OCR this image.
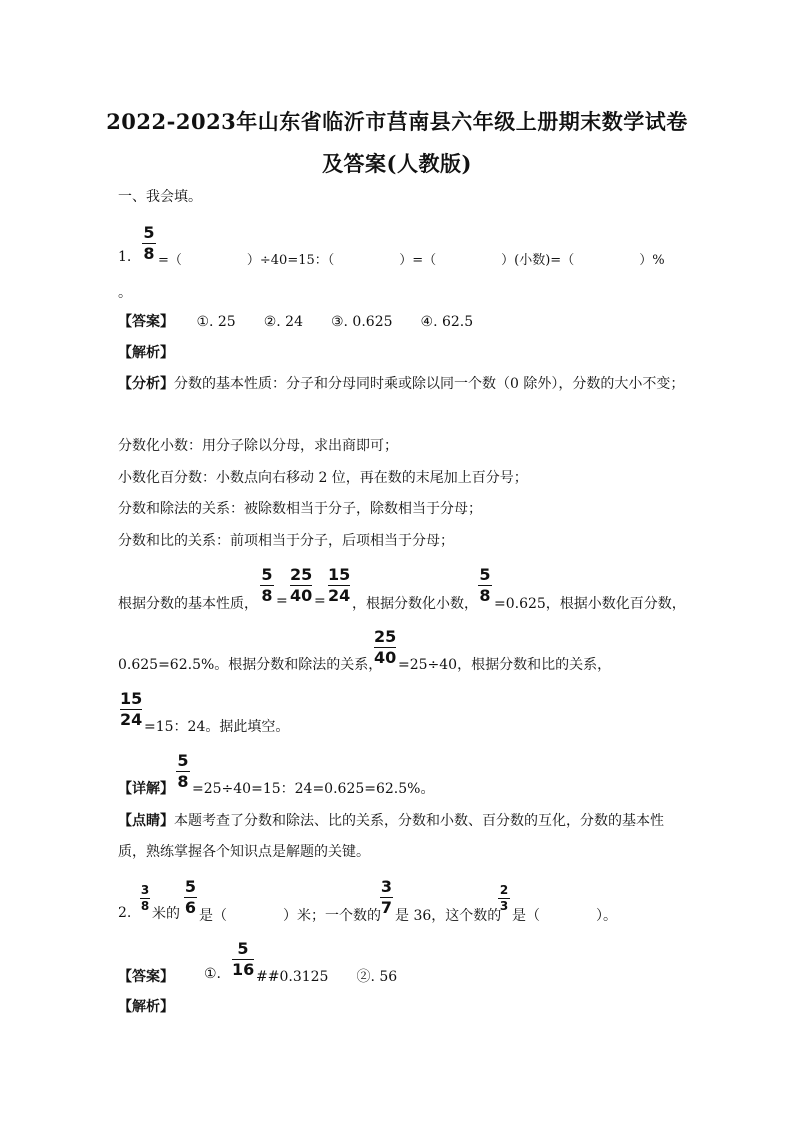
2022-2023年山东省临沂市莒南县六年级上册期末数学试卷
及答案(人教版)
一、我会填。
1.
5
8 =（　　　　　）÷40=15：（　　　　　）=（　　　　　）(小数)=（　　　　　）%
。
【答案】 ①. 25　　②. 24　　③. 0.625　　④. 62.5
【解析】
【分析】分数的基本性质：分子和分母同时乘或除以同一个数（0 除外），分数的大小不变；
分数化小数：用分子除以分母，求出商即可；
小数化百分数：小数点向右移动 2 位，再在数的末尾加上百分号；
分数和除法的关系：被除数相当于分子，除数相当于分母；
分数和比的关系：前项相当于分子，后项相当于分母；
根据分数的基本性质，
5
8 =
25
40 =
15
24 ，根据分数化小数，
5
8 =0.625，根据小数化百分数，
0.625=62.5%。根据分数和除法的关系，
25
40 =25÷40，根据分数和比的关系，
15
24 =15：24。据此填空。
【详解】
5
8 =25÷40=15：24=0.625=62.5%。
【点睛】本题考查了分数和除法、比的关系，分数和小数、百分数的互化，分数的基本性
质，熟练掌握各个知识点是解题的关键。
2.
3
8 米的
5
6 是（　　　　）米；一个数的
3
7 是 36，这个数的
2
3
是（　　　　）。
【答案】 ①.
5
16 ##0.3125　　②. 56
【解析】
